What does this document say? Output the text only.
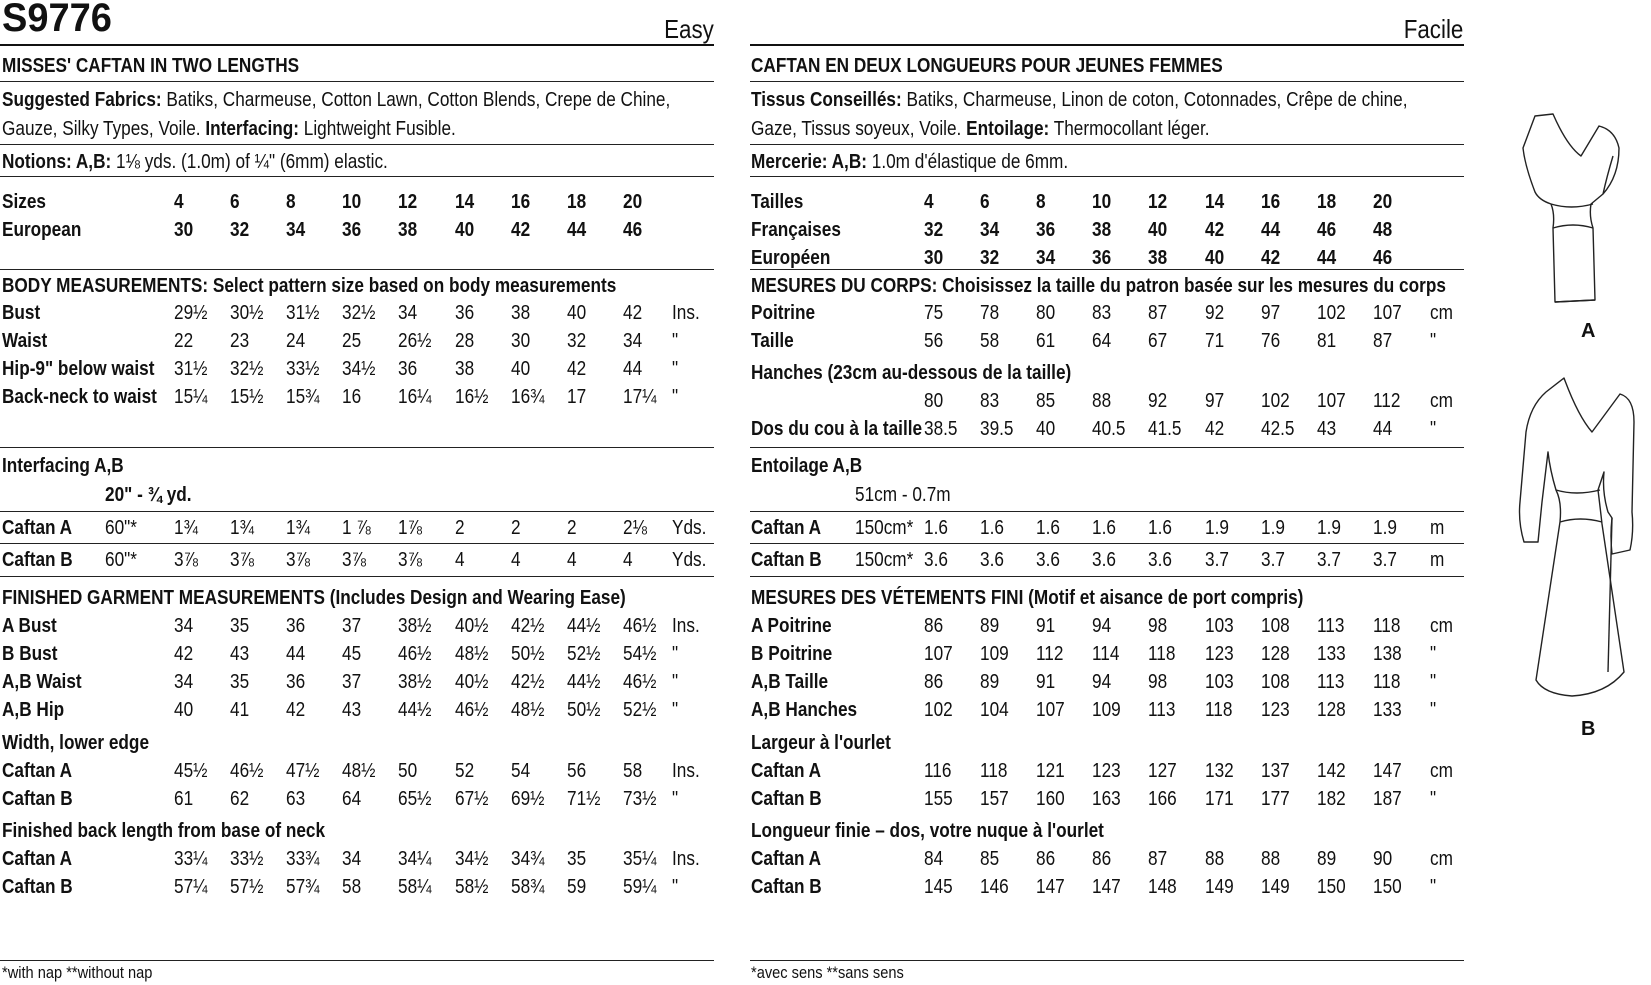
S9776	Easy	Facile
MISSES' CAFTAN IN TWO LENGTHS
Suggested Fabrics: Batiks, Charmeuse, Cotton Lawn, Cotton Blends, Crepe de Chine,
Gauze, Silky Types, Voile. Interfacing: Lightweight Fusible.
Notions: A,B: 1⅛ yds. (1.0m) of ¼" (6mm) elastic.
BODY MEASUREMENTS: Select pattern size based on body measurements
Interfacing A,B
20" - ¾ yd.
FINISHED GARMENT MEASUREMENTS (Includes Design and Wearing Ease)
Width, lower edge
Finished back length from base of neck
*with nap **without nap
Sizes	4 6 8 10 12 14 16 18 20
European	30 32 34 36 38 40 42 44 46
Bust	29½ 30½ 31½ 32½ 34 36 38 40 42 Ins.
Waist	22 23 24 25 26½ 28 30 32 34 "
Hip-9" below waist 31½ 32½ 33½ 34½ 36 38 40 42 44 "
Back-neck to waist 15¼ 15½ 15¾ 16 16¼ 16½ 16¾ 17 17¼ "
Caftan A 60"* 1¾ 1¾ 1¾ 1 ⅞ 1⅞ 2 2 2 2⅛ Yds.
Caftan B 60"* 3⅞ 3⅞ 3⅞ 3⅞ 3⅞ 4 4 4 4 Yds.
A Bust	34 35 36 37 38½ 40½ 42½ 44½ 46½ Ins.
B Bust	42 43 44 45 46½ 48½ 50½ 52½ 54½ "
A,B Waist	34 35 36 37 38½ 40½ 42½ 44½ 46½ "
A,B Hip	40 41 42 43 44½ 46½ 48½ 50½ 52½ "
Caftan A	45½ 46½ 47½ 48½ 50 52 54 56 58 Ins.
Caftan B	61 62 63 64 65½ 67½ 69½ 71½ 73½ "
Caftan A	33¼ 33½ 33¾ 34 34¼ 34½ 34¾ 35 35¼ Ins.
Caftan B	57¼ 57½ 57¾ 58 58¼ 58½ 58¾ 59 59¼ "
CAFTAN EN DEUX LONGUEURS POUR JEUNES FEMMES
Tissus Conseillés: Batiks, Charmeuse, Linon de coton, Cotonnades, Crêpe de chine,
Gaze, Tissus soyeux, Voile. Entoilage: Thermocollant léger.
Mercerie: A,B: 1.0m d'élastique de 6mm.
MESURES DU CORPS: Choisissez la taille du patron basée sur les mesures du corps
Hanches (23cm au-dessous de la taille)
Entoilage A,B
51cm - 0.7m
MESURES DES VÉTEMENTS FINI (Motif et aisance de port compris)
Largeur à l'ourlet
Longueur finie – dos, votre nuque à l'ourlet
*avec sens **sans sens
Tailles	4 6 8 10 12 14 16 18 20
Françaises	32 34 36 38 40 42 44 46 48
Européen	30 32 34 36 38 40 42 44 46
Poitrine	75 78 80 83 87 92 97 102 107 cm
Taille	56 58 61 64 67 71 76 81 87 "
80 83 85 88 92 97 102 107 112 cm
Dos du cou à la taille 38.5 39.5 40 40.5 41.5 42 42.5 43 44 "
Caftan A 150cm* 1.6 1.6 1.6 1.6 1.6 1.9 1.9 1.9 1.9 m
Caftan B 150cm* 3.6 3.6 3.6 3.6 3.6 3.7 3.7 3.7 3.7 m
A Poitrine	86 89 91 94 98 103 108 113 118 cm
B Poitrine	107 109 112 114 118 123 128 133 138 "
A,B Taille	86 89 91 94 98 103 108 113 118 "
A,B Hanches	102 104 107 109 113 118 123 128 133 "
Caftan A	116 118 121 123 127 132 137 142 147 cm
Caftan B	155 157 160 163 166 171 177 182 187 "
Caftan A	84 85 86 86 87 88 88 89 90 cm
Caftan B	145 146 147 147 148 149 149 150 150 "
A
B
